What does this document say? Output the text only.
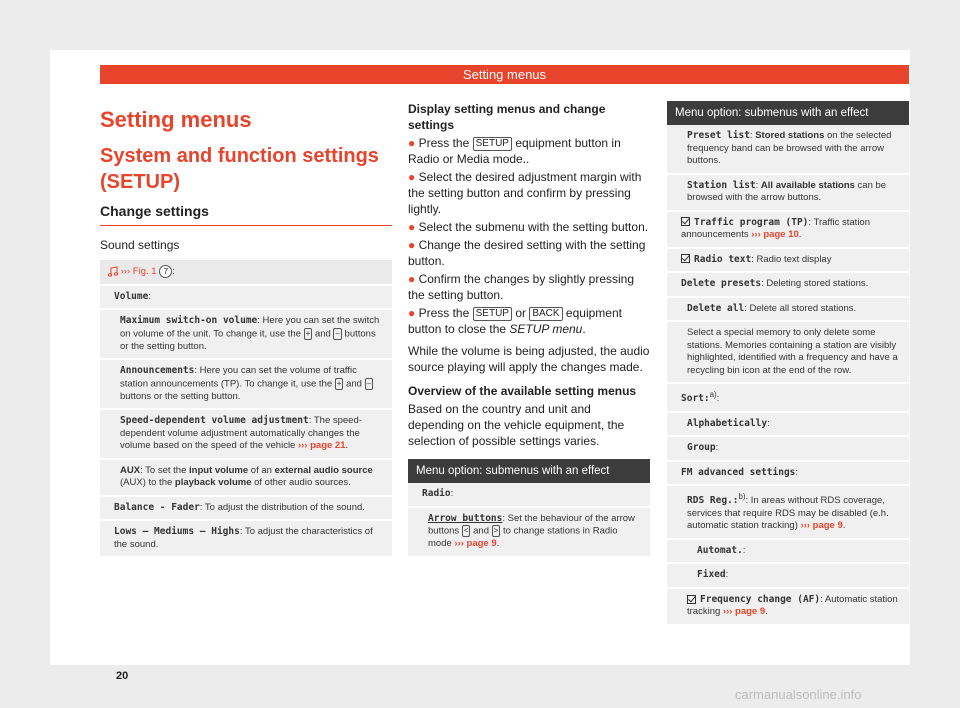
Setting menus
Setting menus
System and function settings
(SETUP)
Change settings
Sound settings
››› Fig. 1 7 :
Volume:
Maximum switch-on volume: Here you can set the switch on volume of the unit. To change it, use the + and – buttons or the setting button.
Announcements: Here you can set the volume of traffic station announcements (TP). To change it, use the + and – buttons or the setting button.
Speed-dependent volume adjustment: The speed-dependent volume adjustment automatically changes the volume based on the speed of the vehicle ››› page 21.
AUX: To set the input volume of an external audio source (AUX) to the playback volume of other audio sources.
Balance - Fader: To adjust the distribution of the sound.
Lows – Mediums – Highs: To adjust the characteristics of the sound.
Display setting menus and change settings
● Press the SETUP equipment button in Radio or Media mode..
● Select the desired adjustment margin with the setting button and confirm by pressing lightly.
● Select the submenu with the setting button.
● Change the desired setting with the setting button.
● Confirm the changes by slightly pressing the setting button.
● Press the SETUP or BACK equipment button to close the SETUP menu.
While the volume is being adjusted, the audio source playing will apply the changes made.
Overview of the available setting menus
Based on the country and unit and depending on the vehicle equipment, the selection of possible settings varies.
Menu option: submenus with an effect
Radio:
Arrow buttons: Set the behaviour of the arrow buttons < and > to change stations in Radio mode ››› page 9.
Menu option: submenus with an effect
Preset list: Stored stations on the selected frequency band can be browsed with the arrow buttons.
Station list: All available stations can be browsed with the arrow buttons.
Traffic program (TP): Traffic station announcements ››› page 10.
Radio text: Radio text display
Delete presets: Deleting stored stations.
Delete all: Delete all stored stations.
Select a special memory to only delete some stations. Memories containing a station are visibly highlighted, identified with a frequency and have a recycling bin icon at the end of the row.
Sort:$^{a)}$:
Alphabetically:
Group:
FM advanced settings:
RDS Reg.:$^{b)}$: In areas without RDS coverage, services that require RDS may be disabled (e.h. automatic station tracking) ››› page 9.
Automat.:
Fixed:
Frequency change (AF): Automatic station tracking ››› page 9.
20
carmanualsonline.info
